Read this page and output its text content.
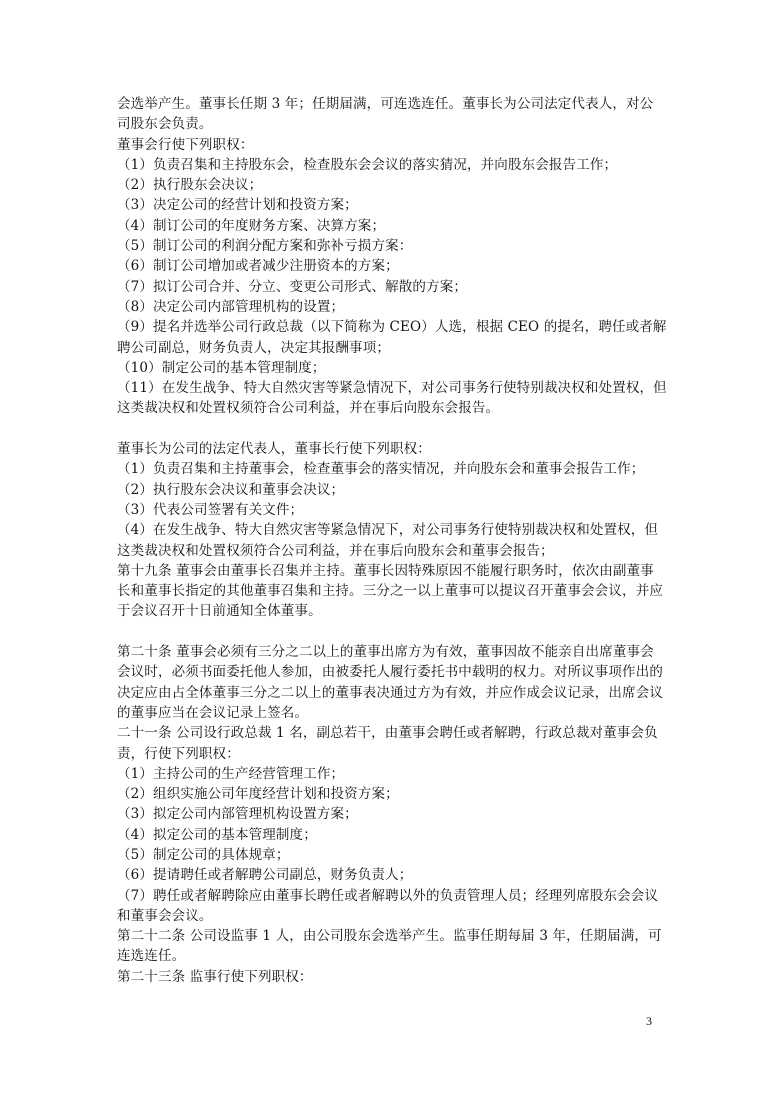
会选举产生。董事长任期 3 年；任期届满，可连选连任。董事长为公司法定代表人，对公
司股东会负责。
董事会行使下列职权：
（1）负责召集和主持股东会，检查股东会会议的落实猜况，并向股东会报告工作；
（2）执行股东会决议；
（3）决定公司的经营计划和投资方案；
（4）制订公司的年度财务方案、决算方案；
（5）制订公司的利润分配方案和弥补亏损方案：
（6）制订公司增加或者减少注册资本的方案；
（7）拟订公司合并、分立、变更公司形式、解散的方案；
（8）决定公司内部管理机构的设置；
（9）提名并选举公司行政总裁（以下简称为 CEO）人选，根据 CEO 的提名，聘任或者解
聘公司副总，财务负责人，决定其报酬事项；
（10）制定公司的基本管理制度；
（11）在发生战争、特大自然灾害等紧急情况下，对公司事务行使特别裁决权和处置权，但
这类裁决权和处置权须符合公司利益，并在事后向股东会报告。
董事长为公司的法定代表人，董事长行使下列职权：
（1）负责召集和主持董事会，检查董事会的落实情况，并向股东会和董事会报告工作；
（2）执行股东会决议和董事会决议；
（3）代表公司签署有关文件；
（4）在发生战争、特大自然灾害等紧急情况下，对公司事务行使特别裁决权和处置权，但
这类裁决权和处置权须符合公司利益，并在事后向股东会和董事会报告；
第十九条 董事会由董事长召集并主持。董事长因特殊原因不能履行职务时，依次由副董事
长和董事长指定的其他董事召集和主持。三分之一以上董事可以提议召开董事会会议，并应
于会议召开十日前通知全体董事。
第二十条 董事会必须有三分之二以上的董事出席方为有效，董事因故不能亲自出席董事会
会议时，必须书面委托他人参加，由被委托人履行委托书中载明的权力。对所议事项作出的
决定应由占全体董事三分之二以上的董事表决通过方为有效，并应作成会议记录，出席会议
的董事应当在会议记录上签名。
二十一条 公司设行政总裁 1 名，副总若干，由董事会聘任或者解聘，行政总裁对董事会负
责，行使下列职权：
（1）主持公司的生产经营管理工作；
（2）组织实施公司年度经营计划和投资方案；
（3）拟定公司内部管理机构设置方案；
（4）拟定公司的基本管理制度；
（5）制定公司的具体规章；
（6）提请聘任或者解聘公司副总，财务负责人；
（7）聘任或者解聘除应由董事长聘任或者解聘以外的负责管理人员；经理列席股东会会议
和董事会会议。
第二十二条 公司设监事 1 人，由公司股东会选举产生。监事任期每届 3 年，任期届满，可
连选连任。
第二十三条 监事行使下列职权：
3
